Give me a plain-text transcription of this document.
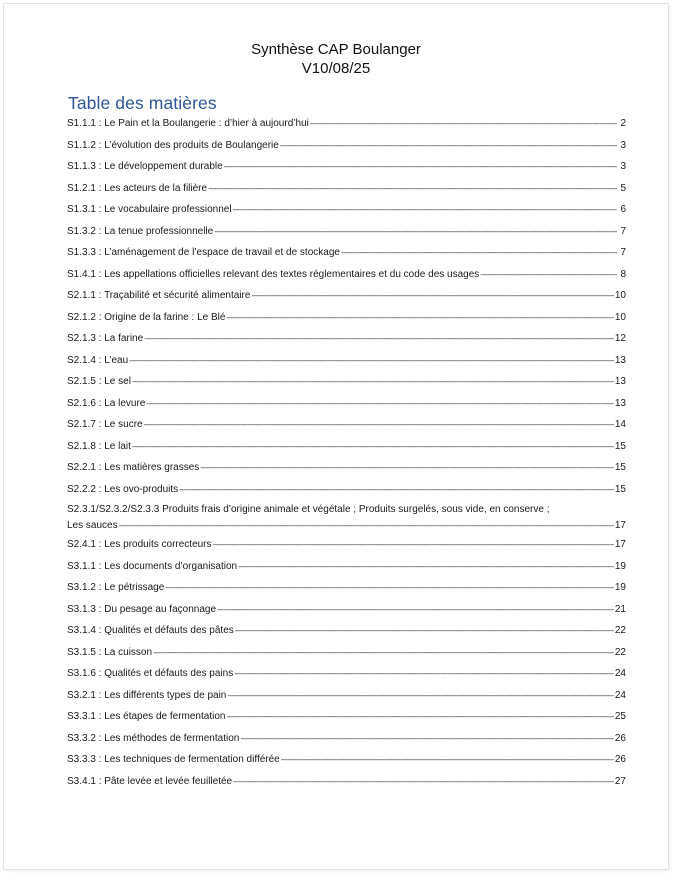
Synthèse CAP Boulanger
V10/08/25
Table des matières
S1.1.1 : Le Pain et la Boulangerie : d’hier à aujourd’hui -----	2
S1.1.2 : L’évolution des produits de Boulangerie -----	3
S1.1.3 : Le développement durable -----	3
S1.2.1 : Les acteurs de la filière -----	5
S1.3.1 : Le vocabulaire professionnel -----	6
S1.3.2 : La tenue professionnelle -----	7
S1.3.3 : L’aménagement de l’espace de travail et de stockage -----	7
S1.4.1 : Les appellations officielles relevant des textes réglementaires et du code des usages -----	8
S2.1.1 : Traçabilité et sécurité alimentaire -----	10
S2.1.2 : Origine de la farine : Le Blé -----	10
S2.1.3 : La farine -----	12
S2.1.4 : L’eau -----	13
S2.1.5 : Le sel -----	13
S2.1.6 : La levure -----	13
S2.1.7 : Le sucre -----	14
S2.1.8 : Le lait -----	15
S2.2.1 : Les matières grasses -----	15
S2.2.2 : Les ovo-produits -----	15
S2.3.1/S2.3.2/S2.3.3 Produits frais d’origine animale et végétale ; Produits surgelés, sous vide, en conserve ;
Les sauces -----	17
S2.4.1 : Les produits correcteurs -----	17
S3.1.1 : Les documents d’organisation -----	19
S3.1.2 : Le pétrissage -----	19
S3.1.3 : Du pesage au façonnage -----	21
S3.1.4 : Qualités et défauts des pâtes -----	22
S3.1.5 : La cuisson -----	22
S3.1.6 : Qualités et défauts des pains -----	24
S3.2.1 : Les différents types de pain -----	24
S3.3.1 : Les étapes de fermentation -----	25
S3.3.2 : Les méthodes de fermentation -----	26
S3.3.3 : Les techniques de fermentation différée -----	26
S3.4.1 : Pâte levée et levée feuilletée -----	27
